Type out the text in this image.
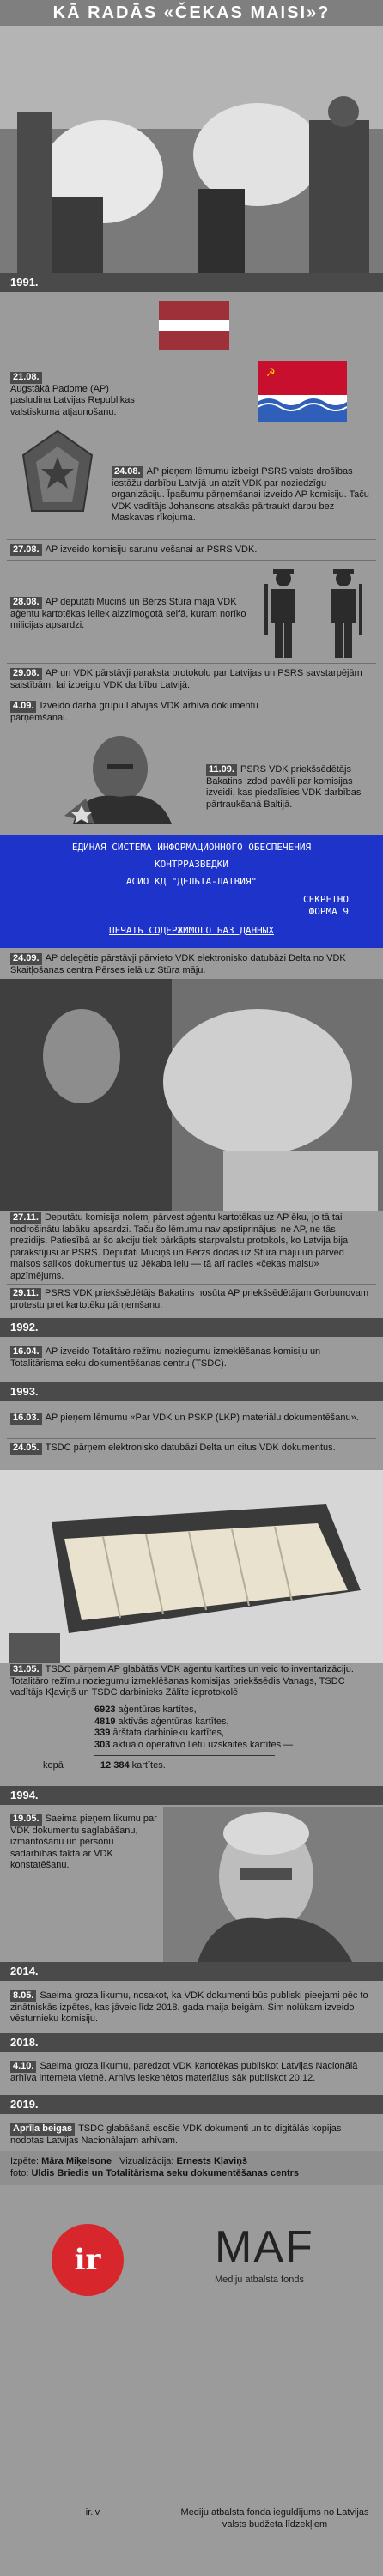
KĀ RADĀS «ČEKAS MAISI»?
1991.
☭
21.08.
Augstākā Padome (AP) pasludina Latvijas Republikas valstiskuma atjaunošanu.
24.08. AP pieņem lēmumu izbeigt PSRS valsts drošības iestāžu darbību Latvijā un atzīt VDK par noziedzīgu organizāciju. Īpašumu pārņemšanai izveido AP komisiju. Taču VDK vadītājs Johansons atsakās pārtraukt darbu bez Maskavas rīkojuma.
27.08. AP izveido komisiju sarunu vešanai ar PSRS VDK.
28.08. AP deputāti Muciņš un Bērzs Stūra mājā VDK aģentu kartotēkas ieliek aizzīmogotā seifā, kuram norīko milicijas apsardzi.
29.08. AP un VDK pārstāvji paraksta protokolu par Latvijas un PSRS savstarpējām saistībām, lai izbeigtu VDK darbību Latvijā.
4.09. Izveido darba grupu Latvijas VDK arhīva dokumentu pārņemšanai.
11.09. PSRS VDK priekšsēdētājs Bakatins izdod pavēli par komisijas izveidi, kas piedalīsies VDK darbības pārtraukšanā Baltijā.
ЕДИНАЯ СИСТЕМА ИНФОРМАЦИОННОГО ОБЕСПЕЧЕНИЯ
КОНТРРАЗВЕДКИ
АСИО КД "ДЕЛЬТА-ЛАТВИЯ"
СЕКРЕТНО
ФОРМА 9
ПЕЧАТЬ СОДЕРЖИМОГО БАЗ ДАННЫХ
24.09. AP delegētie pārstāvji pārvieto VDK elektronisko datubāzi Delta no VDK Skaitļošanas centra Pērses ielā uz Stūra māju.
27.11. Deputātu komisija nolemj pārvest aģentu kartotēkas uz AP ēku, jo tā tai nodrošinātu labāku apsardzi. Taču šo lēmumu nav apstiprinājusi ne AP, ne tās prezidijs. Patiesībā ar šo akciju tiek pārkāpts starpvalstu protokols, ko Latvija bija parakstījusi ar PSRS. Deputāti Muciņš un Bērzs dodas uz Stūra māju un pārved maisos salikos dokumentus uz Jēkaba ielu — tā arī radies «čekas maisu» apzīmējums.
29.11. PSRS VDK priekšsēdētājs Bakatins nosūta AP priekšsēdētājam Gorbunovam protestu pret kartotēku pārņemšanu.
1992.
16.04. AP izveido Totalitāro režīmu noziegumu izmeklēšanas komisiju un Totalitārisma seku dokumentēšanas centru (TSDC).
1993.
16.03. AP pieņem lēmumu «Par VDK un PSKP (LKP) materiālu dokumentēšanu».
24.05. TSDC pārņem elektronisko datubāzi Delta un citus VDK dokumentus.
31.05. TSDC pārņem AP glabātās VDK aģentu kartītes un veic to inventarizāciju. Totalitāro režīmu noziegumu izmeklēšanas komisijas priekšsēdis Vanags, TSDC vadītājs Kļaviņš un TSDC darbinieks Zālīte ieprotokolē
6923 aģentūras kartītes,
4819 aktīvās aģentūras kartītes,
339 ārštata darbinieku kartītes,
303 aktuālo operatīvo lietu uzskaites kartītes —
kopā	12 384 kartītes.
1994.
19.05. Saeima pieņem likumu par VDK dokumentu saglabāšanu, izmantošanu un personu sadarbības fakta ar VDK konstatēšanu.
2014.
8.05. Saeima groza likumu, nosakot, ka VDK dokumenti būs publiski pieejami pēc to zinātniskās izpētes, kas jāveic līdz 2018. gada maija beigām. Šim nolūkam izveido vēsturnieku komisiju.
2018.
4.10. Saeima groza likumu, paredzot VDK kartotēkas publiskot Latvijas Nacionālā arhīva interneta vietnē. Arhīvs ieskenētos materiālus sāk publiskot 20.12.
2019.
Aprīļa beigas TSDC glabāšanā esošie VDK dokumenti un to digitālās kopijas nodotas Latvijas Nacionālajam arhīvam.
Izpēte: Māra Miķelsone Vizualizācija: Ernests Kļaviņš
foto: Uldis Briedis un Totalitārisma seku dokumentēšanas centrs
ir	MAF
Mediju atbalsta fonds
ir.lv	Mediju atbalsta fonda ieguldījums no Latvijas valsts budžeta līdzekļiem
